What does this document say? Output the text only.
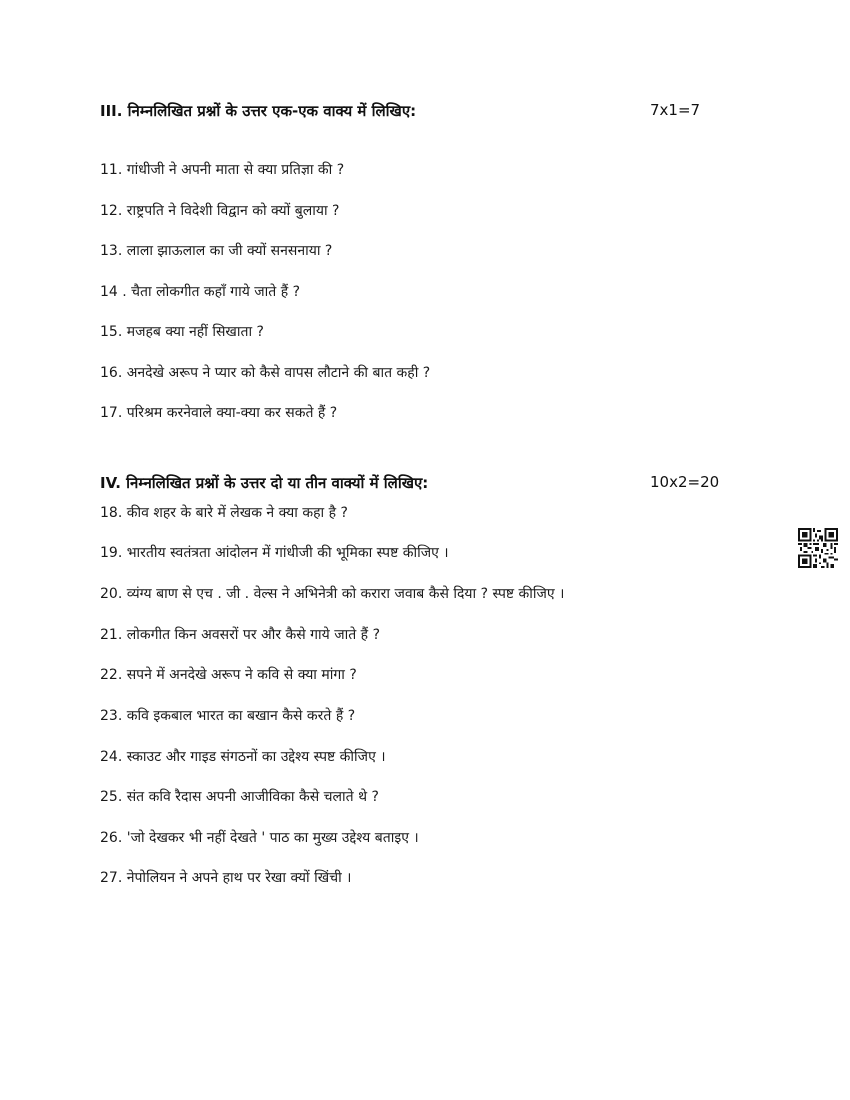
III. निम्नलिखित प्रश्नों के उत्तर एक-एक वाक्य में लिखिए:	7x1=7
11. गांधीजी ने अपनी माता से क्या प्रतिज्ञा की ?
12. राष्ट्रपति ने विदेशी विद्वान को क्यों बुलाया ?
13. लाला झाऊलाल का जी क्यों सनसनाया ?
14 . चैता लोकगीत कहाँ गाये जाते हैं ?
15. मजहब क्या नहीं सिखाता ?
16. अनदेखे अरूप ने प्यार को कैसे वापस लौटाने की बात कही ?
17. परिश्रम करनेवाले क्या-क्या कर सकते हैं ?
IV. निम्नलिखित प्रश्नों के उत्तर दो या तीन वाक्यों में लिखिए:	10x2=20
18. कीव शहर के बारे में लेखक ने क्या कहा है ?
19. भारतीय स्वतंत्रता आंदोलन में गांधीजी की भूमिका स्पष्ट कीजिए ।
20. व्यंग्य बाण से एच . जी . वेल्स ने अभिनेत्री को करारा जवाब कैसे दिया ? स्पष्ट कीजिए ।
21. लोकगीत किन अवसरों पर और कैसे गाये जाते हैं ?
22. सपने में अनदेखे अरूप ने कवि से क्या मांगा ?
23. कवि इकबाल भारत का बखान कैसे करते हैं ?
24. स्काउट और गाइड संगठनों का उद्देश्य स्पष्ट कीजिए ।
25. संत कवि रैदास अपनी आजीविका कैसे चलाते थे ?
26. 'जो देखकर भी नहीं देखते ' पाठ का मुख्य उद्देश्य बताइए ।
27. नेपोलियन ने अपने हाथ पर रेखा क्यों खिंची ।
